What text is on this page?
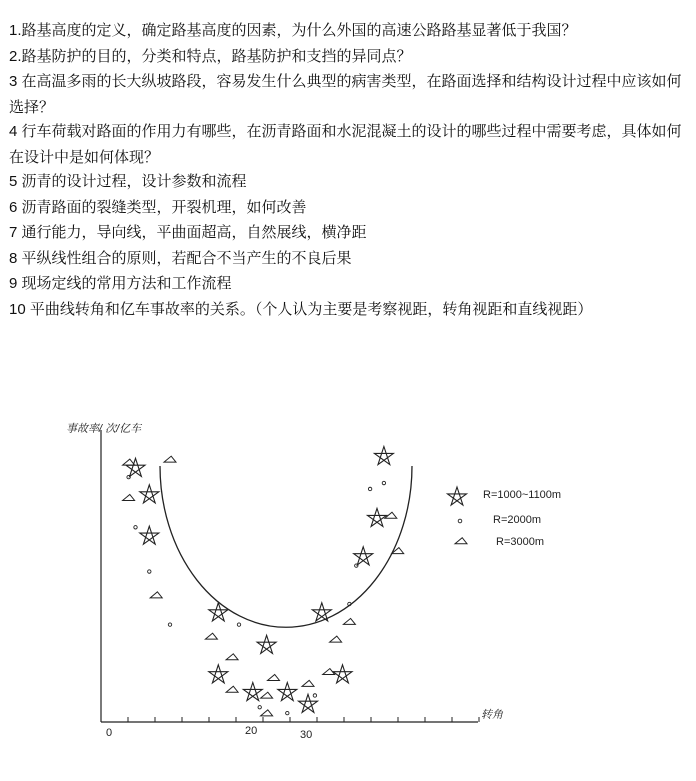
1.路基高度的定义，确定路基高度的因素，为什么外国的高速公路路基显著低于我国？

2.路基防护的目的，分类和特点，路基防护和支挡的异同点？

3 在高温多雨的长大纵坡路段，容易发生什么典型的病害类型，在路面选择和结构设计过程中应该如何选择？

4 行车荷载对路面的作用力有哪些，在沥青路面和水泥混凝土的设计的哪些过程中需要考虑，具体如何在设计中是如何体现？

5 沥青的设计过程，设计参数和流程

6 沥青路面的裂缝类型，开裂机理，如何改善

7 通行能力，导向线，平曲面超高，自然展线，横净距

8 平纵线性组合的原则，若配合不当产生的不良后果

9 现场定线的常用方法和工作流程

10 平曲线转角和亿车事故率的关系。（个人认为主要是考察视距，转角视距和直线视距）

事故率/ 次/亿车
转角
0	20	30
R=1000~1100m
R=2000m
R=3000m
